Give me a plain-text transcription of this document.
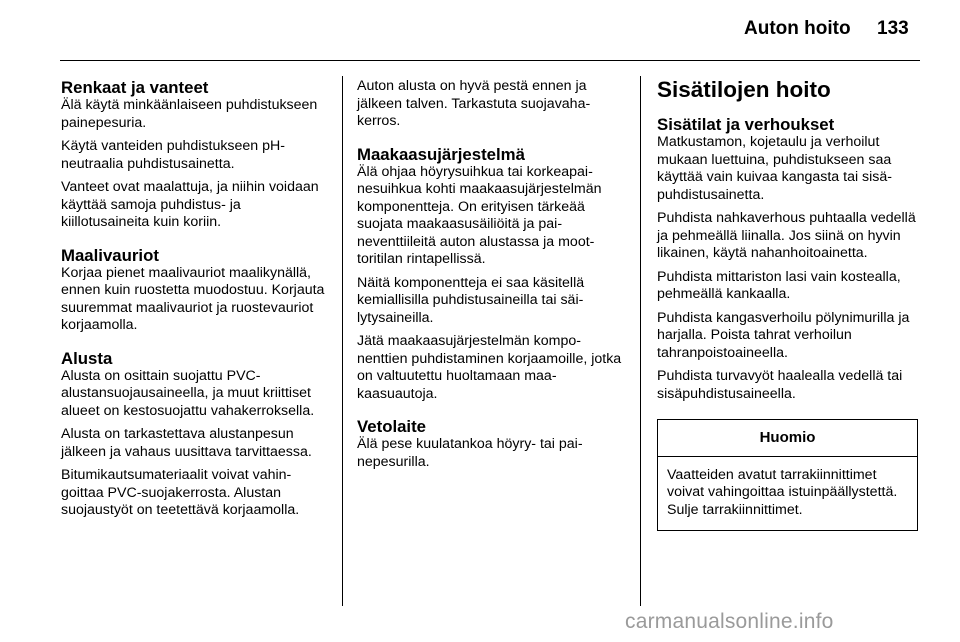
Auton hoito 133
Renkaat ja vanteet

Älä käytä minkäänlaiseen puhdistukseen painepesuria.

Käytä vanteiden puhdistukseen pH-neutraalia puhdistusainetta.

Vanteet ovat maalattuja, ja niihin voidaan käyttää samoja puhdistus- ja kiillotusaineita kuin koriin.

Maalivauriot

Korjaa pienet maalivauriot maalikynällä, ennen kuin ruostetta muodostuu. Korjauta suuremmat maalivauriot ja ruostevauriot korjaamolla.

Alusta

Alusta on osittain suojattu PVC-alustansuojausaineella, ja muut kriittiset alueet on kestosuojattu vahakerroksella.

Alusta on tarkastettava alustanpesun jälkeen ja vahaus uusittava tarvittaessa.

Bitumikautsumateriaalit voivat vahingoittaa PVC-suojakerrosta. Alustan suojaustyöt on teetettävä korjaamolla.

Auton alusta on hyvä pestä ennen ja jälkeen talven. Tarkastuta suojavahakerros.

Maakaasujärjestelmä

Älä ohjaa höyrysuihkua tai korkeapainesuihkua kohti maakaasujärjestelmän komponentteja. On erityisen tärkeää suojata maakaasusäiliöitä ja paineventtiileitä auton alustassa ja moottoritilan rintapellissä.

Näitä komponentteja ei saa käsitellä kemiallisilla puhdistusaineilla tai säilytysaineilla.

Jätä maakaasujärjestelmän komponenttien puhdistaminen korjaamoille, jotka on valtuutettu huoltamaan maakaasuautoja.

Vetolaite

Älä pese kuulatankoa höyry- tai painepesurilla.

Sisätilojen hoito
Sisätilat ja verhoukset

Matkustamon, kojetaulu ja verhoilut mukaan luettuina, puhdistukseen saa käyttää vain kuivaa kangasta tai sisäpuhdistusainetta.

Puhdista nahkaverhous puhtaalla vedellä ja pehmeällä liinalla. Jos siinä on hyvin likainen, käytä nahanhoitoainetta.

Puhdista mittariston lasi vain kostealla, pehmeällä kankaalla.

Puhdista kangasverhoilu pölynimurilla ja harjalla. Poista tahrat verhoilun tahranpoistoaineella.

Puhdista turvavyöt haalealla vedellä tai sisäpuhdistusaineella.

Huomio
Vaatteiden avatut tarrakiinnittimet voivat vahingoittaa istuinpäällystettä. Sulje tarrakiinnittimet.
carmanualsonline.info
